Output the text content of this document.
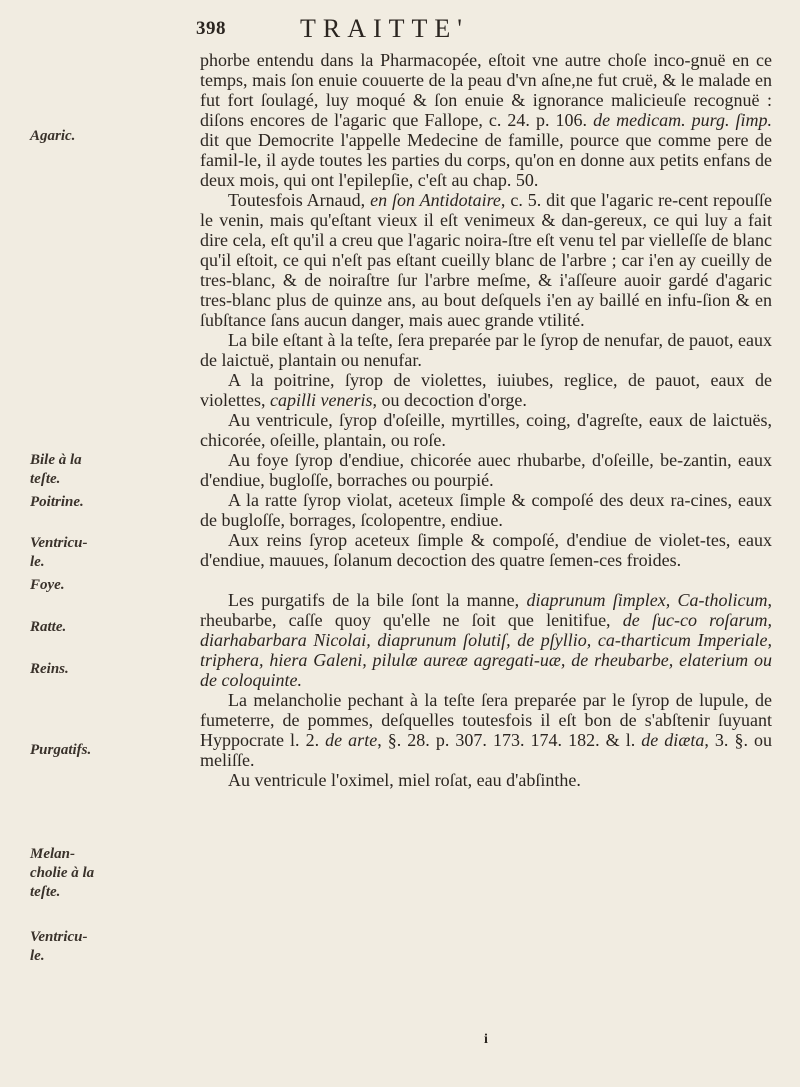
398	TRAITTE'
Agaric.
Bile à la
teſte.
Poitrine.
Ventricu-
le.
Foye.
Ratte.
Reins.
Purgatifs.
Melan-
cholie à la
teſte.
Ventricu-
le.

phorbe entendu dans la Pharmacopée, eſtoit vne autre choſe inco-gnuë en ce temps, mais ſon enuie couuerte de la peau d'vn aſne,ne fut cruë, & le malade en fut fort ſoulagé, luy moqué & ſon enuie & ignorance malicieuſe recognuë : diſons encores de l'agaric que Fallope, c. 24. p. 106. de medicam. purg. ſimp. dit que Democrite l'appelle Medecine de famille, pource que comme pere de famil-le, il ayde toutes les parties du corps, qu'on en donne aux petits enfans de deux mois, qui ont l'epilepſie, c'eſt au chap. 50.

Toutesfois Arnaud, en ſon Antidotaire, c. 5. dit que l'agaric re-cent repouſſe le venin, mais qu'eſtant vieux il eſt venimeux & dan-gereux, ce qui luy a fait dire cela, eſt qu'il a creu que l'agaric noira-ſtre eſt venu tel par vielleſſe de blanc qu'il eſtoit, ce qui n'eſt pas eſtant cueilly blanc de l'arbre ; car i'en ay cueilly de tres-blanc, & de noiraſtre ſur l'arbre meſme, & i'aſſeure auoir gardé d'agaric tres-blanc plus de quinze ans, au bout deſquels i'en ay baillé en infu-ſion & en ſubſtance ſans aucun danger, mais auec grande vtilité.

La bile eſtant à la teſte, ſera preparée par le ſyrop de nenufar, de pauot, eaux de laictuë, plantain ou nenufar.

A la poitrine, ſyrop de violettes, iuiubes, reglice, de pauot, eaux de violettes, capilli veneris, ou decoction d'orge.

Au ventricule, ſyrop d'oſeille, myrtilles, coing, d'agreſte, eaux de laictuës, chicorée, oſeille, plantain, ou roſe.

Au foye ſyrop d'endiue, chicorée auec rhubarbe, d'oſeille, be-zantin, eaux d'endiue, bugloſſe, borraches ou pourpié.

A la ratte ſyrop violat, aceteux ſimple & compoſé des deux ra-cines, eaux de bugloſſe, borrages, ſcolopentre, endiue.

Aux reins ſyrop aceteux ſimple & compoſé, d'endiue de violet-tes, eaux d'endiue, mauues, ſolanum decoction des quatre ſemen-ces froides.

Les purgatifs de la bile ſont la manne, diaprunum ſimplex, Ca-tholicum, rheubarbe, caſſe quoy qu'elle ne ſoit que lenitifue, de ſuc-co roſarum, diarhabarbara Nicolai, diaprunum ſolutiſ, de pſyllio, ca-tharticum Imperiale, triphera, hiera Galeni, pilulæ aureæ agregati-uæ, de rheubarbe, elaterium ou de coloquinte.

La melancholie pechant à la teſte ſera preparée par le ſyrop de lupule, de fumeterre, de pommes, deſquelles toutesfois il eſt bon de s'abſtenir ſuyuant Hyppocrate l. 2. de arte, §. 28. p. 307. 173. 174. 182. & l. de diæta, 3. §. ou meliſſe.

Au ventricule l'oximel, miel roſat, eau d'abſinthe.

i
